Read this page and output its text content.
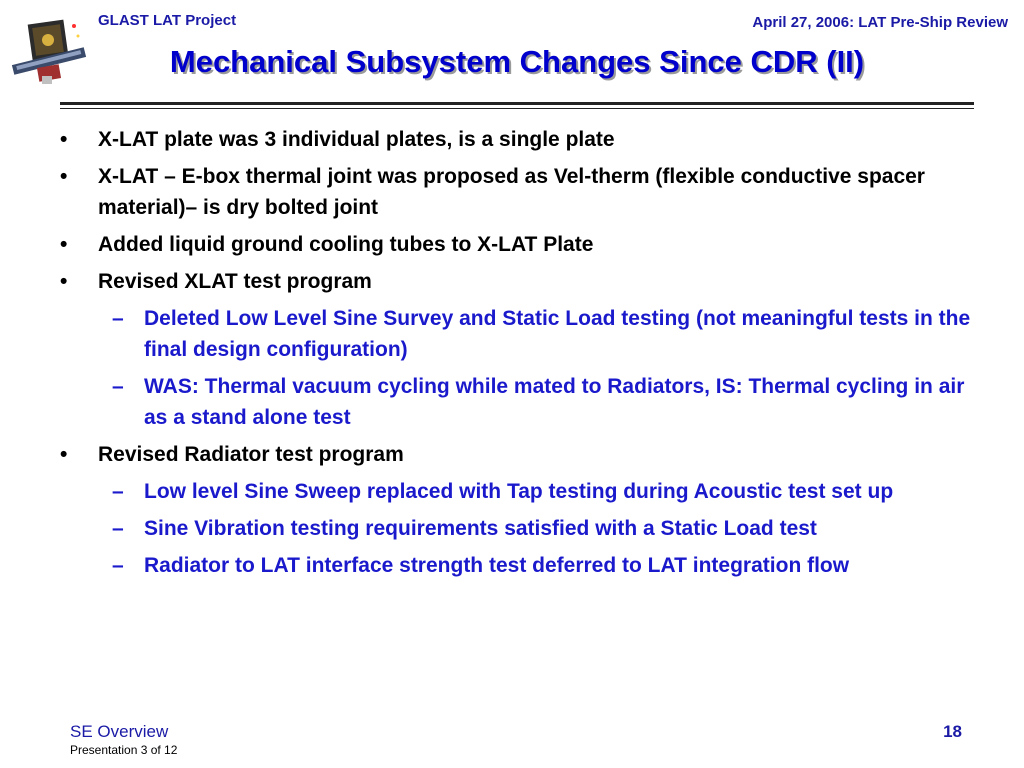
GLAST LAT Project	April 27, 2006: LAT Pre-Ship Review
Mechanical Subsystem Changes Since CDR (II)
• X-LAT plate was 3 individual plates, is a single plate
• X-LAT – E-box thermal joint was proposed as Vel-therm (flexible conductive spacer material)– is dry bolted joint
• Added liquid ground cooling tubes to X-LAT Plate
• Revised XLAT test program
– Deleted Low Level Sine Survey and Static Load testing (not meaningful tests in the final design configuration)
– WAS: Thermal vacuum cycling while mated to Radiators, IS: Thermal cycling in air as a stand alone test
• Revised Radiator test program
– Low level Sine Sweep replaced with Tap testing during Acoustic test set up
– Sine Vibration testing requirements satisfied with a Static Load test
– Radiator to LAT interface strength test deferred to LAT integration flow
SE Overview
Presentation 3 of 12
18
